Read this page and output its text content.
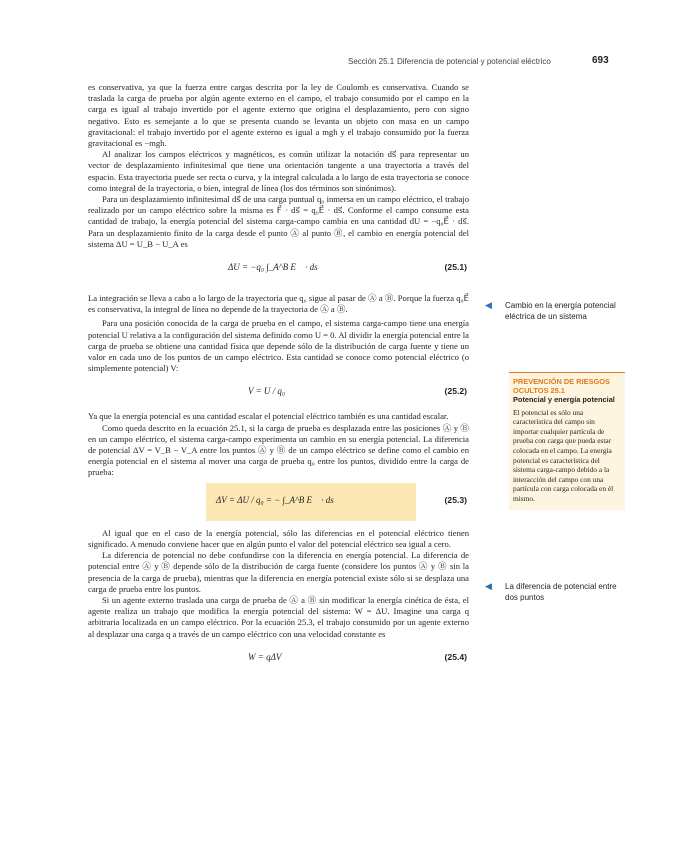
Sección 25.1 Diferencia de potencial y potencial eléctrico	693

es conservativa, ya que la fuerza entre cargas descrita por la ley de Coulomb es conservativa. Cuando se traslada la carga de prueba por algún agente externo en el campo, el trabajo consumido por el campo en la carga es igual al trabajo invertido por el agente externo que origina el desplazamiento, pero con signo negativo. Esto es semejante a lo que se presenta cuando se levanta un objeto con masa en un campo gravitacional: el trabajo invertido por el agente externo es igual a mgh y el trabajo consumido por la fuerza gravitacional es −mgh.

Al analizar los campos eléctricos y magnéticos, es común utilizar la notación ds⃗ para representar un vector de desplazamiento infinitesimal que tiene una orientación tangente a una trayectoria a través del espacio. Esta trayectoria puede ser recta o curva, y la integral calculada a lo largo de esta trayectoria se conoce como integral de la trayectoria, o bien, integral de línea (los dos términos son sinónimos).

Para un desplazamiento infinitesimal ds⃗ de una carga puntual q₀ inmersa en un campo eléctrico, el trabajo realizado por un campo eléctrico sobre la misma es F⃗ · ds⃗ = q₀E⃗ · ds⃗. Conforme el campo consume esta cantidad de trabajo, la energía potencial del sistema carga-campo cambia en una cantidad dU = −q₀E⃗ · ds⃗. Para un desplazamiento finito de la carga desde el punto Ⓐ al punto Ⓑ, el cambio en energía potencial del sistema ΔU = U_B − U_A es

ΔU = −q₀ ∫_A^B E⃗ · ds⃗	(25.1)

La integración se lleva a cabo a lo largo de la trayectoria que q₀ sigue al pasar de Ⓐ a Ⓑ. Porque la fuerza q₀E⃗ es conservativa, la integral de línea no depende de la trayectoria de Ⓐ a Ⓑ.

Para una posición conocida de la carga de prueba en el campo, el sistema carga-campo tiene una energía potencial U relativa a la configuración del sistema definido como U = 0. Al dividir la energía potencial entre la carga de prueba se obtiene una cantidad física que depende sólo de la distribución de carga fuente y tiene un valor en cada uno de los puntos de un campo eléctrico. Esta cantidad se conoce como potencial eléctrico (o simplemente potencial) V:

V = U / q₀	(25.2)

Ya que la energía potencial es una cantidad escalar el potencial eléctrico también es una cantidad escalar.

Como queda descrito en la ecuación 25.1, si la carga de prueba es desplazada entre las posiciones Ⓐ y Ⓑ en un campo eléctrico, el sistema carga-campo experimenta un cambio en su energía potencial. La diferencia de potencial ΔV = V_B − V_A entre los puntos Ⓐ y Ⓑ de un campo eléctrico se define como el cambio en energía potencial en el sistema al mover una carga de prueba q₀ entre los puntos, dividido entre la carga de prueba:

ΔV = ΔU / q₀ = − ∫_A^B E⃗ · ds⃗	(25.3)

Al igual que en el caso de la energía potencial, sólo las diferencias en el potencial eléctrico tienen significado. A menudo conviene hacer que en algún punto el valor del potencial eléctrico sea igual a cero.

La diferencia de potencial no debe confundirse con la diferencia en energía potencial. La diferencia de potencial entre Ⓐ y Ⓑ depende sólo de la distribución de carga fuente (considere los puntos Ⓐ y Ⓑ sin la presencia de la carga de prueba), mientras que la diferencia en energía potencial existe sólo si se desplaza una carga de prueba entre los puntos.

Si un agente externo traslada una carga de prueba de Ⓐ a Ⓑ sin modificar la energía cinética de ésta, el agente realiza un trabajo que modifica la energía potencial del sistema: W = ΔU. Imagine una carga q arbitraria localizada en un campo eléctrico. Por la ecuación 25.3, el trabajo consumido por un agente externo al desplazar una carga q a través de un campo eléctrico con una velocidad constante es

W = qΔV	(25.4)
◀ Cambio en la energía potencial eléctrica de un sistema
PREVENCIÓN DE RIESGOS OCULTOS 25.1
Potencial y energía potencial
El potencial es sólo una característica del campo sin importar cualquier partícula de prueba con carga que pueda estar colocada en el campo. La energía potencial es característica del sistema carga-campo debido a la interacción del campo con una partícula con carga colocada en él mismo.
◀ La diferencia de potencial entre dos puntos
